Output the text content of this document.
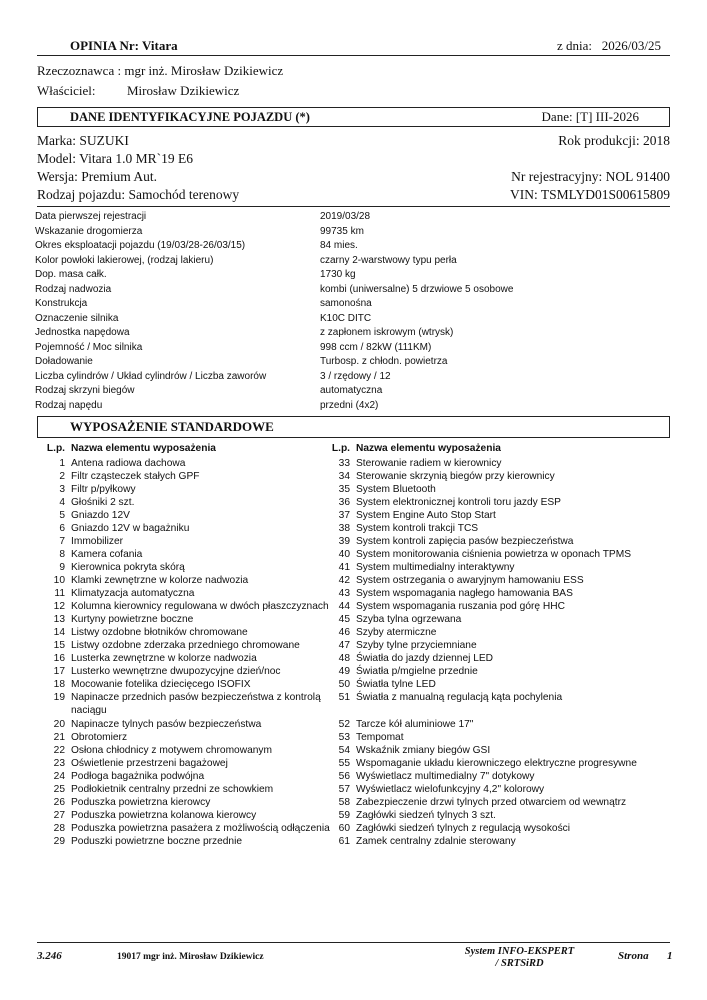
OPINIA Nr: Vitara	z dnia: 2026/03/25
Rzeczoznawca : mgr inż. Mirosław Dzikiewicz
Właściciel: Mirosław Dzikiewicz
DANE IDENTYFIKACYJNE POJAZDU (*)	Dane: [T] III-2026
Marka: SUZUKI	Rok produkcji: 2018
Model: Vitara 1.0 MR`19 E6
Wersja: Premium Aut.	Nr rejestracyjny: NOL 91400
Rodzaj pojazdu: Samochód terenowy	VIN: TSMLYD01S00615809
Data pierwszej rejestracji	2019/03/28
Wskazanie drogomierza	99735 km
Okres eksploatacji pojazdu (19/03/28-26/03/15)	84 mies.
Kolor powłoki lakierowej, (rodzaj lakieru)	czarny 2-warstwowy typu perła
Dop. masa całk.	1730 kg
Rodzaj nadwozia	kombi (uniwersalne) 5 drzwiowe 5 osobowe
Konstrukcja	samonośna
Oznaczenie silnika	K10C DITC
Jednostka napędowa	z zapłonem iskrowym (wtrysk)
Pojemność / Moc silnika	998 ccm / 82kW (111KM)
Doładowanie	Turbosp. z chłodn. powietrza
Liczba cylindrów / Układ cylindrów / Liczba zaworów	3 / rzędowy / 12
Rodzaj skrzyni biegów	automatyczna
Rodzaj napędu	przedni (4x2)
WYPOSAŻENIE STANDARDOWE
L.p. Nazwa elementu wyposażenia
1 Antena radiowa dachowa
2 Filtr cząsteczek stałych GPF
3 Filtr p/pyłkowy
4 Głośniki 2 szt.
5 Gniazdo 12V
6 Gniazdo 12V w bagażniku
7 Immobilizer
8 Kamera cofania
9 Kierownica pokryta skórą
10 Klamki zewnętrzne w kolorze nadwozia
11 Klimatyzacja automatyczna
12 Kolumna kierownicy regulowana w dwóch płaszczyznach
13 Kurtyny powietrzne boczne
14 Listwy ozdobne błotników chromowane
15 Listwy ozdobne zderzaka przedniego chromowane
16 Lusterka zewnętrzne w kolorze nadwozia
17 Lusterko wewnętrzne dwupozycyjne dzień/noc
18 Mocowanie fotelika dziecięcego ISOFIX
19 Napinacze przednich pasów bezpieczeństwa z kontrolą naciągu
20 Napinacze tylnych pasów bezpieczeństwa
21 Obrotomierz
22 Osłona chłodnicy z motywem chromowanym
23 Oświetlenie przestrzeni bagażowej
24 Podłoga bagażnika podwójna
25 Podłokietnik centralny przedni ze schowkiem
26 Poduszka powietrzna kierowcy
27 Poduszka powietrzna kolanowa kierowcy
28 Poduszka powietrzna pasażera z możliwością odłączenia
29 Poduszki powietrzne boczne przednie
L.p. Nazwa elementu wyposażenia
33 Sterowanie radiem w kierownicy
34 Sterowanie skrzynią biegów przy kierownicy
35 System Bluetooth
36 System elektronicznej kontroli toru jazdy ESP
37 System Engine Auto Stop Start
38 System kontroli trakcji TCS
39 System kontroli zapięcia pasów bezpieczeństwa
40 System monitorowania ciśnienia powietrza w oponach TPMS
41 System multimedialny interaktywny
42 System ostrzegania o awaryjnym hamowaniu ESS
43 System wspomagania nagłego hamowania BAS
44 System wspomagania ruszania pod górę HHC
45 Szyba tylna ogrzewana
46 Szyby atermiczne
47 Szyby tylne przyciemniane
48 Światła do jazdy dziennej LED
49 Światła p/mgielne przednie
50 Światła tylne LED
51 Światła z manualną regulacją kąta pochylenia
52 Tarcze kół aluminiowe 17"
53 Tempomat
54 Wskaźnik zmiany biegów GSI
55 Wspomaganie układu kierowniczego elektryczne progresywne
56 Wyświetlacz multimedialny 7" dotykowy
57 Wyświetlacz wielofunkcyjny 4,2" kolorowy
58 Zabezpieczenie drzwi tylnych przed otwarciem od wewnątrz
59 Zagłówki siedzeń tylnych 3 szt.
60 Zagłówki siedzeń tylnych z regulacją wysokości
61 Zamek centralny zdalnie sterowany
3.246	19017 mgr inż. Mirosław Dzikiewicz	System INFO-EKSPERT
/ SRTSiRD
Strona 1
